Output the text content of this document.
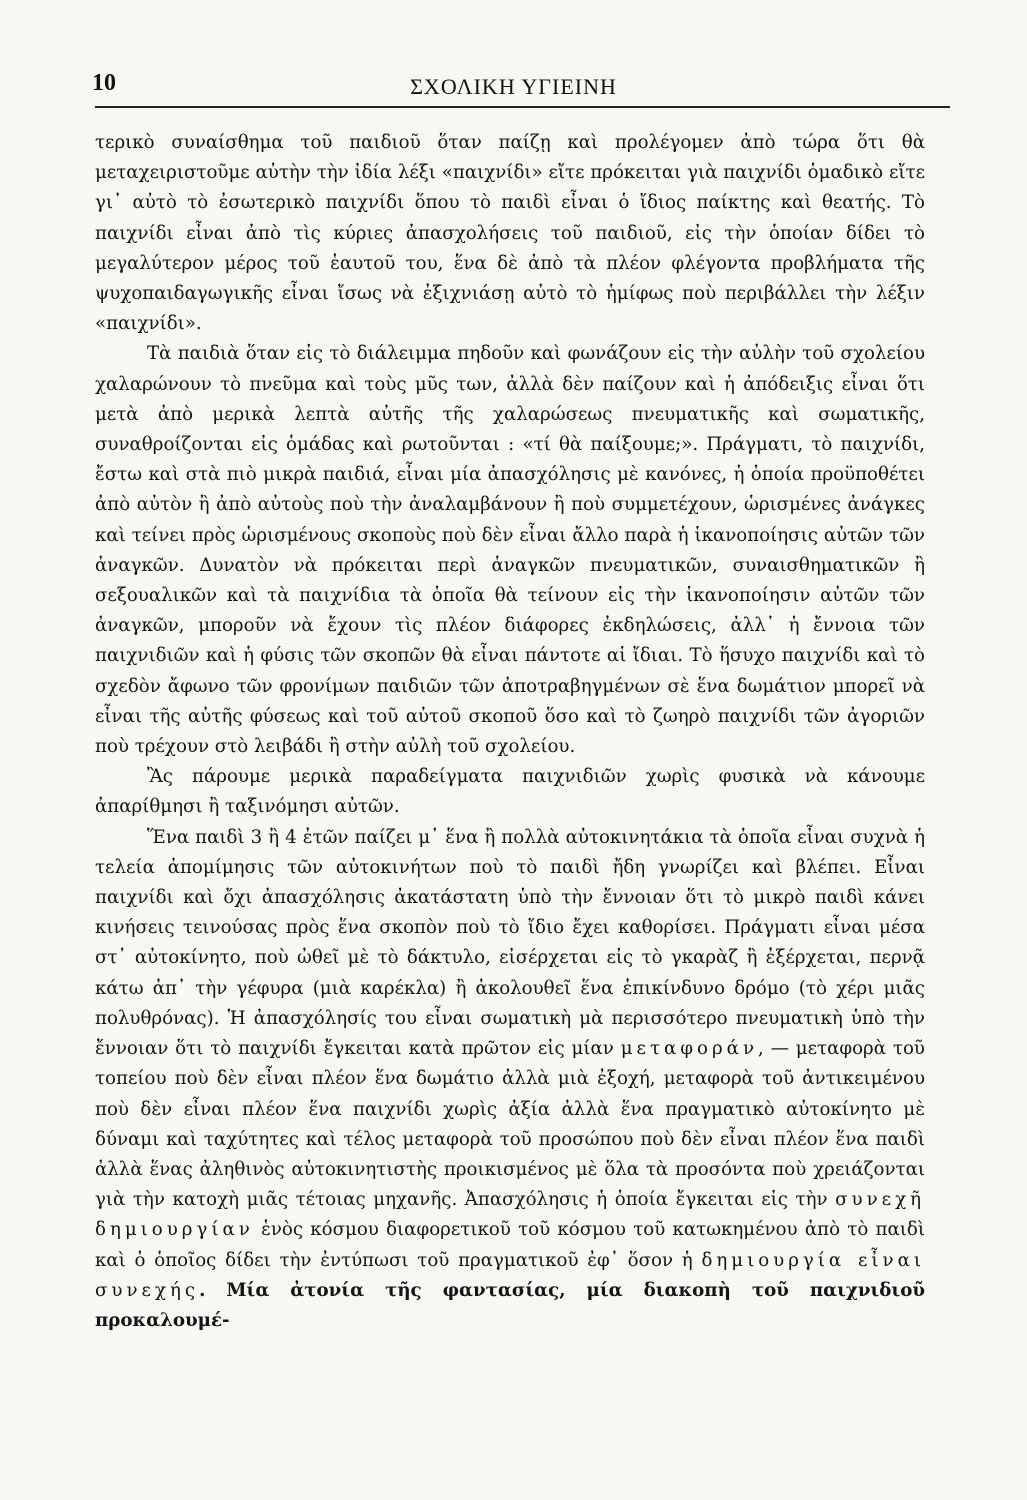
10	ΣΧΟΛΙΚΗ ΥΓΙΕΙΝΗ

τερικὸ συναίσθημα τοῦ παιδιοῦ ὅταν παίζῃ καὶ προλέγομεν ἀπὸ τώρα ὅτι θὰ μεταχειριστοῦμε αὐτὴν τὴν ἰδία λέξι «παιχνίδι» εἴτε πρόκειται γιὰ παιχνίδι ὁμαδικὸ εἴτε γι᾿ αὐτὸ τὸ ἐσωτερικὸ παιχνίδι ὅπου τὸ παιδὶ εἶναι ὁ ἴδιος παίκτης καὶ θεατής. Τὸ παιχνίδι εἶναι ἀπὸ τὶς κύριες ἀπασχολήσεις τοῦ παιδιοῦ, εἰς τὴν ὁποίαν δίδει τὸ μεγαλύτερον μέρος τοῦ ἑαυτοῦ του, ἕνα δὲ ἀπὸ τὰ πλέον φλέγοντα προβλήματα τῆς ψυχοπαιδαγωγικῆς εἶναι ἴσως νὰ ἐξιχνιάσῃ αὐτὸ τὸ ἡμίφως ποὺ περιβάλλει τὴν λέξιν «παιχνίδι».

Τὰ παιδιὰ ὅταν εἰς τὸ διάλειμμα πηδοῦν καὶ φωνάζουν εἰς τὴν αὐλὴν τοῦ σχολείου χαλαρώνουν τὸ πνεῦμα καὶ τοὺς μῦς των, ἀλλὰ δὲν παίζουν καὶ ἡ ἀπόδειξις εἶναι ὅτι μετὰ ἀπὸ μερικὰ λεπτὰ αὐτῆς τῆς χαλαρώσεως πνευματικῆς καὶ σωματικῆς, συναθροίζονται εἰς ὁμάδας καὶ ρωτοῦνται : «τί θὰ παίξουμε;». Πράγματι, τὸ παιχνίδι, ἔστω καὶ στὰ πιὸ μικρὰ παιδιά, εἶναι μία ἀπασχόλησις μὲ κανόνες, ἡ ὁποία προϋποθέτει ἀπὸ αὐτὸν ἢ ἀπὸ αὐτοὺς ποὺ τὴν ἀναλαμβάνουν ἢ ποὺ συμμετέχουν, ὡρισμένες ἀνάγκες καὶ τείνει πρὸς ὡρισμένους σκοποὺς ποὺ δὲν εἶναι ἄλλο παρὰ ἡ ἱκανοποίησις αὐτῶν τῶν ἀναγκῶν. Δυνατὸν νὰ πρόκειται περὶ ἀναγκῶν πνευματικῶν, συναισθηματικῶν ἢ σεξουαλικῶν καὶ τὰ παιχνίδια τὰ ὁποῖα θὰ τείνουν εἰς τὴν ἱκανοποίησιν αὐτῶν τῶν ἀναγκῶν, μποροῦν νὰ ἔχουν τὶς πλέον διάφορες ἐκδηλώσεις, ἀλλ᾿ ἡ ἔννοια τῶν παιχνιδιῶν καὶ ἡ φύσις τῶν σκοπῶν θὰ εἶναι πάντοτε αἱ ἴδιαι. Τὸ ἥσυχο παιχνίδι καὶ τὸ σχεδὸν ἄφωνο τῶν φρονίμων παιδιῶν τῶν ἀποτραβηγμένων σὲ ἕνα δωμάτιον μπορεῖ νὰ εἶναι τῆς αὐτῆς φύσεως καὶ τοῦ αὐτοῦ σκοποῦ ὅσο καὶ τὸ ζωηρὸ παιχνίδι τῶν ἀγοριῶν ποὺ τρέχουν στὸ λειβάδι ἢ στὴν αὐλὴ τοῦ σχολείου.

Ἂς πάρουμε μερικὰ παραδείγματα παιχνιδιῶν χωρὶς φυσικὰ νὰ κάνουμε ἀπαρίθμησι ἢ ταξινόμησι αὐτῶν.

Ἕνα παιδὶ 3 ἢ 4 ἐτῶν παίζει μ᾿ ἕνα ἢ πολλὰ αὐτοκινητάκια τὰ ὁποῖα εἶναι συχνὰ ἡ τελεία ἀπομίμησις τῶν αὐτοκινήτων ποὺ τὸ παιδὶ ἤδη γνωρίζει καὶ βλέπει. Εἶναι παιχνίδι καὶ ὄχι ἀπασχόλησις ἀκατάστατη ὑπὸ τὴν ἔννοιαν ὅτι τὸ μικρὸ παιδὶ κάνει κινήσεις τεινούσας πρὸς ἕνα σκοπὸν ποὺ τὸ ἴδιο ἔχει καθορίσει. Πράγματι εἶναι μέσα στ᾿ αὐτοκίνητο, ποὺ ὠθεῖ μὲ τὸ δάκτυλο, εἰσέρχεται εἰς τὸ γκαρὰζ ἢ ἐξέρχεται, περνᾷ κάτω ἀπ᾿ τὴν γέφυρα (μιὰ καρέκλα) ἢ ἀκολουθεῖ ἕνα ἐπικίνδυνο δρόμο (τὸ χέρι μιᾶς πολυθρόνας). Ἡ ἀπασχόλησίς του εἶναι σωματικὴ μὰ περισσότερο πνευματικὴ ὑπὸ τὴν ἔννοιαν ὅτι τὸ παιχνίδι ἔγκειται κατὰ πρῶτον εἰς μίαν μεταφοράν, — μεταφορὰ τοῦ τοπείου ποὺ δὲν εἶναι πλέον ἕνα δωμάτιο ἀλλὰ μιὰ ἐξοχή, μεταφορὰ τοῦ ἀντικειμένου ποὺ δὲν εἶναι πλέον ἕνα παιχνίδι χωρὶς ἀξία ἀλλὰ ἕνα πραγματικὸ αὐτοκίνητο μὲ δύναμι καὶ ταχύτητες καὶ τέλος μεταφορὰ τοῦ προσώπου ποὺ δὲν εἶναι πλέον ἕνα παιδὶ ἀλλὰ ἕνας ἀληθινὸς αὐτοκινητιστὴς προικισμένος μὲ ὅλα τὰ προσόντα ποὺ χρειάζονται γιὰ τὴν κατοχὴ μιᾶς τέτοιας μηχανῆς. Ἀπασχόλησις ἡ ὁποία ἔγκειται εἰς τὴν συνεχῆ δημιουργίαν ἑνὸς κόσμου διαφορετικοῦ τοῦ κόσμου τοῦ κατωκημένου ἀπὸ τὸ παιδὶ καὶ ὁ ὁποῖος δίδει τὴν ἐντύπωσι τοῦ πραγματικοῦ ἐφ᾿ ὅσον ἡ δημιουργία εἶναι συνεχής. Μία ἀτονία τῆς φαντασίας, μία διακοπὴ τοῦ παιχνιδιοῦ προκαλουμέ-
